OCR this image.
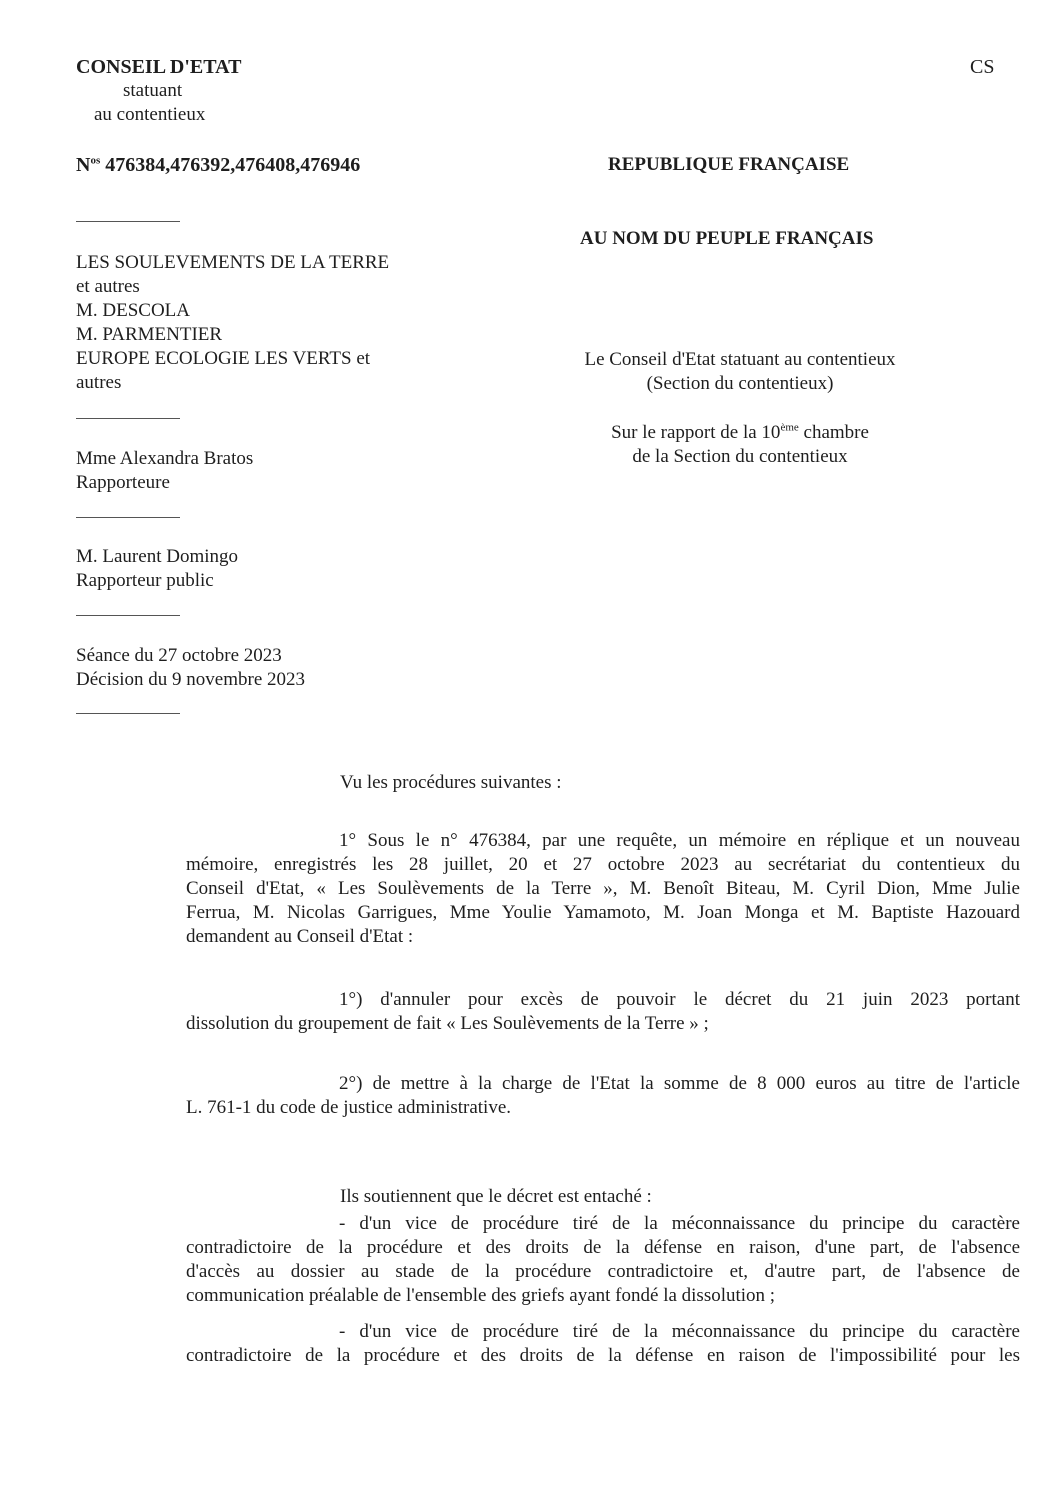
CONSEIL D'ETAT
statuant
au contentieux
CS
$N^{os}$ 476384,476392,476408,476946	REPUBLIQUE FRANÇAISE
AU NOM DU PEUPLE FRANÇAIS
LES SOULEVEMENTS DE LA TERRE
et autres
M. DESCOLA
M. PARMENTIER
EUROPE ECOLOGIE LES VERTS et
autres
Le Conseil d'Etat statuant au contentieux
(Section du contentieux)
Sur le rapport de la 10ème chambre
de la Section du contentieux
Mme Alexandra Bratos
Rapporteure
M. Laurent Domingo
Rapporteur public
Séance du 27 octobre 2023
Décision du 9 novembre 2023
Vu les procédures suivantes :
1° Sous le n° 476384, par une requête, un mémoire en réplique et un nouveau
mémoire, enregistrés les 28 juillet, 20 et 27 octobre 2023 au secrétariat du contentieux du
Conseil d'Etat, « Les Soulèvements de la Terre », M. Benoît Biteau, M. Cyril Dion, Mme Julie
Ferrua, M. Nicolas Garrigues, Mme Youlie Yamamoto, M. Joan Monga et M. Baptiste Hazouard
demandent au Conseil d'Etat :
1°) d'annuler pour excès de pouvoir le décret du 21 juin 2023 portant
dissolution du groupement de fait « Les Soulèvements de la Terre » ;
2°) de mettre à la charge de l'Etat la somme de 8 000 euros au titre de l'article
L. 761-1 du code de justice administrative.
Ils soutiennent que le décret est entaché :
- d'un vice de procédure tiré de la méconnaissance du principe du caractère
contradictoire de la procédure et des droits de la défense en raison, d'une part, de l'absence
d'accès au dossier au stade de la procédure contradictoire et, d'autre part, de l'absence de
communication préalable de l'ensemble des griefs ayant fondé la dissolution ;
- d'un vice de procédure tiré de la méconnaissance du principe du caractère
contradictoire de la procédure et des droits de la défense en raison de l'impossibilité pour les
